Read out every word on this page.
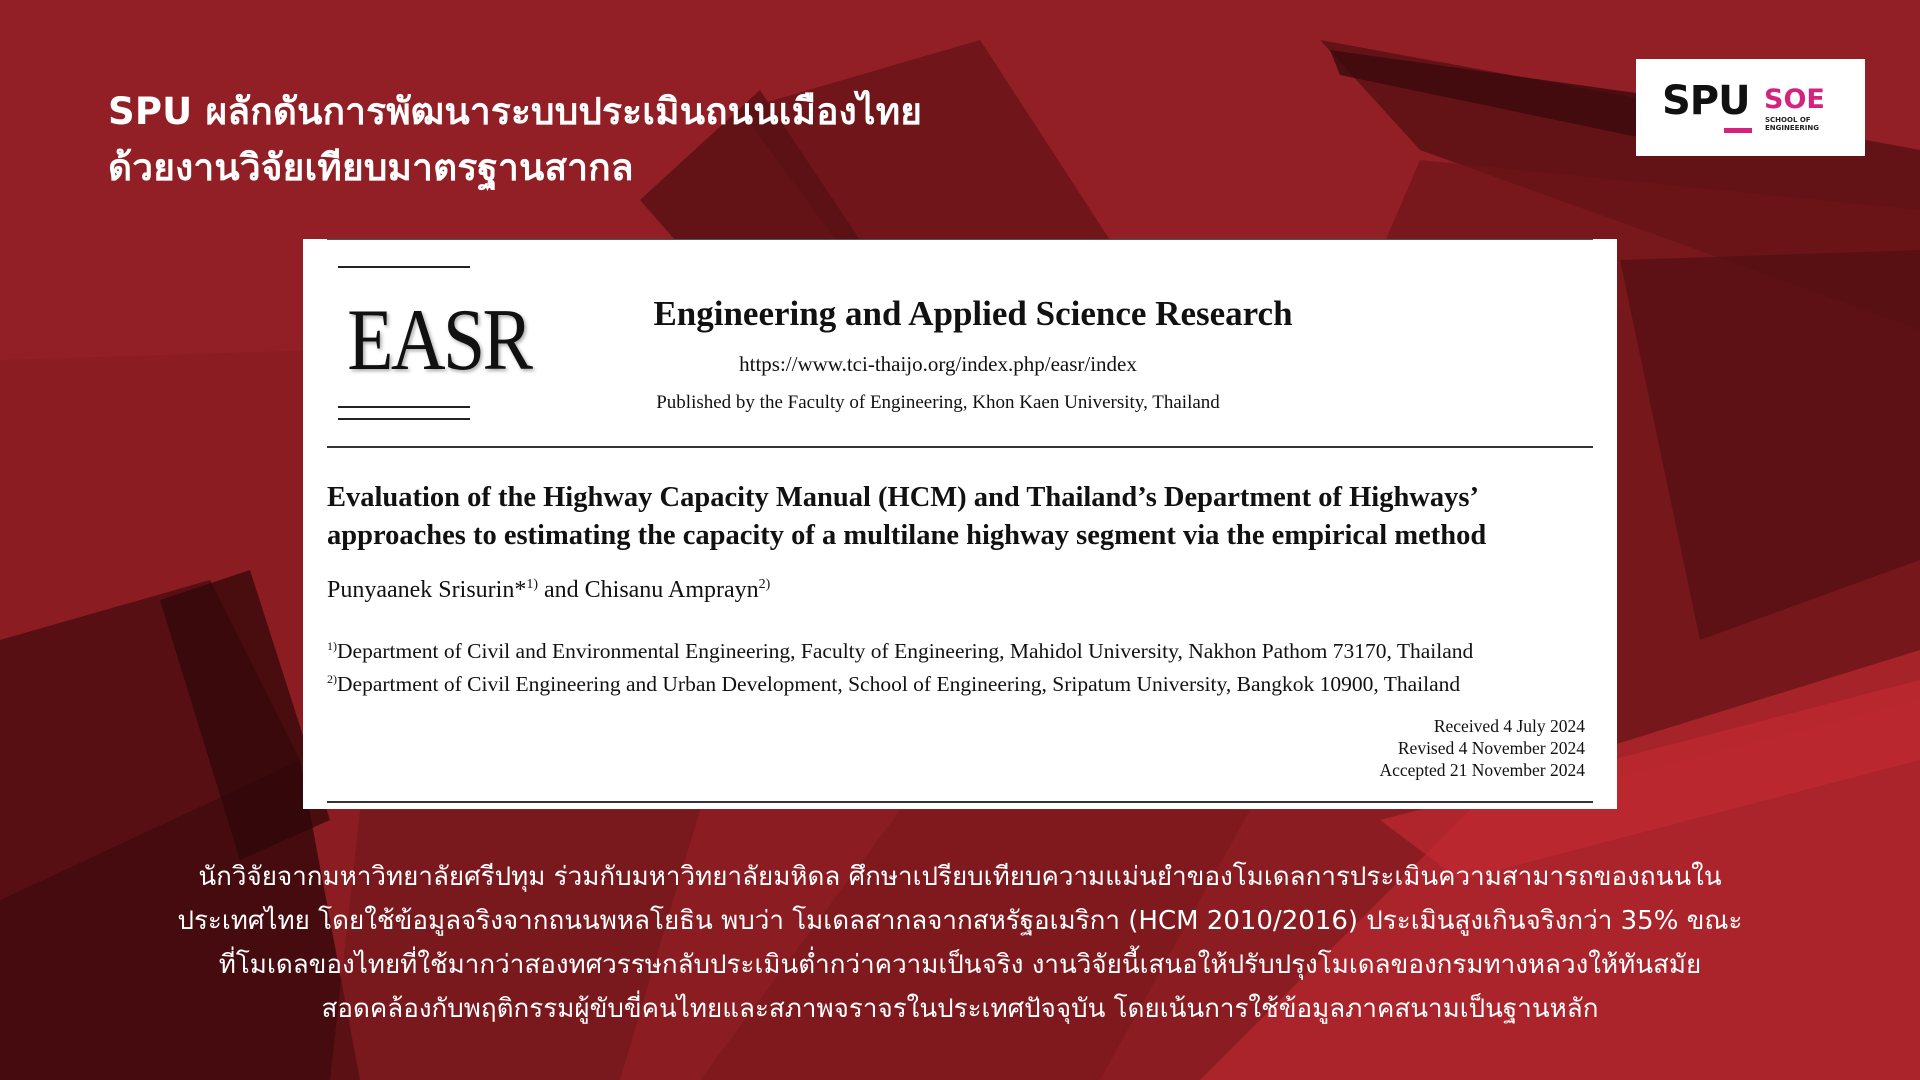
SPU ผลักดันการพัฒนาระบบประเมินถนนเมืองไทย
ด้วยงานวิจัยเทียบมาตรฐานสากล
SPU SOE
SCHOOL OF
ENGINEERING
EASR	Engineering and Applied Science Research
https://www.tci-thaijo.org/index.php/easr/index
Published by the Faculty of Engineering, Khon Kaen University, Thailand
Evaluation of the Highway Capacity Manual (HCM) and Thailand’s Department of Highways’
approaches to estimating the capacity of a multilane highway segment via the empirical method
Punyaanek Srisurin*$^{1)}$ and Chisanu Amprayn$^{2)}$
$^{1)}$Department of Civil and Environmental Engineering, Faculty of Engineering, Mahidol University, Nakhon Pathom 73170, Thailand
$^{2)}$Department of Civil Engineering and Urban Development, School of Engineering, Sripatum University, Bangkok 10900, Thailand
Received 4 July 2024
Revised 4 November 2024
Accepted 21 November 2024

นักวิจัยจากมหาวิทยาลัยศรีปทุม ร่วมกับมหาวิทยาลัยมหิดล ศึกษาเปรียบเทียบความแม่นยำของโมเดลการประเมินความสามารถของถนนใน
ประเทศไทย โดยใช้ข้อมูลจริงจากถนนพหลโยธิน พบว่า โมเดลสากลจากสหรัฐอเมริกา (HCM 2010/2016) ประเมินสูงเกินจริงกว่า 35% ขณะ
ที่โมเดลของไทยที่ใช้มากว่าสองทศวรรษกลับประเมินต่ำกว่าความเป็นจริง งานวิจัยนี้เสนอให้ปรับปรุงโมเดลของกรมทางหลวงให้ทันสมัย
สอดคล้องกับพฤติกรรมผู้ขับขี่คนไทยและสภาพจราจรในประเทศปัจจุบัน โดยเน้นการใช้ข้อมูลภาคสนามเป็นฐานหลัก
